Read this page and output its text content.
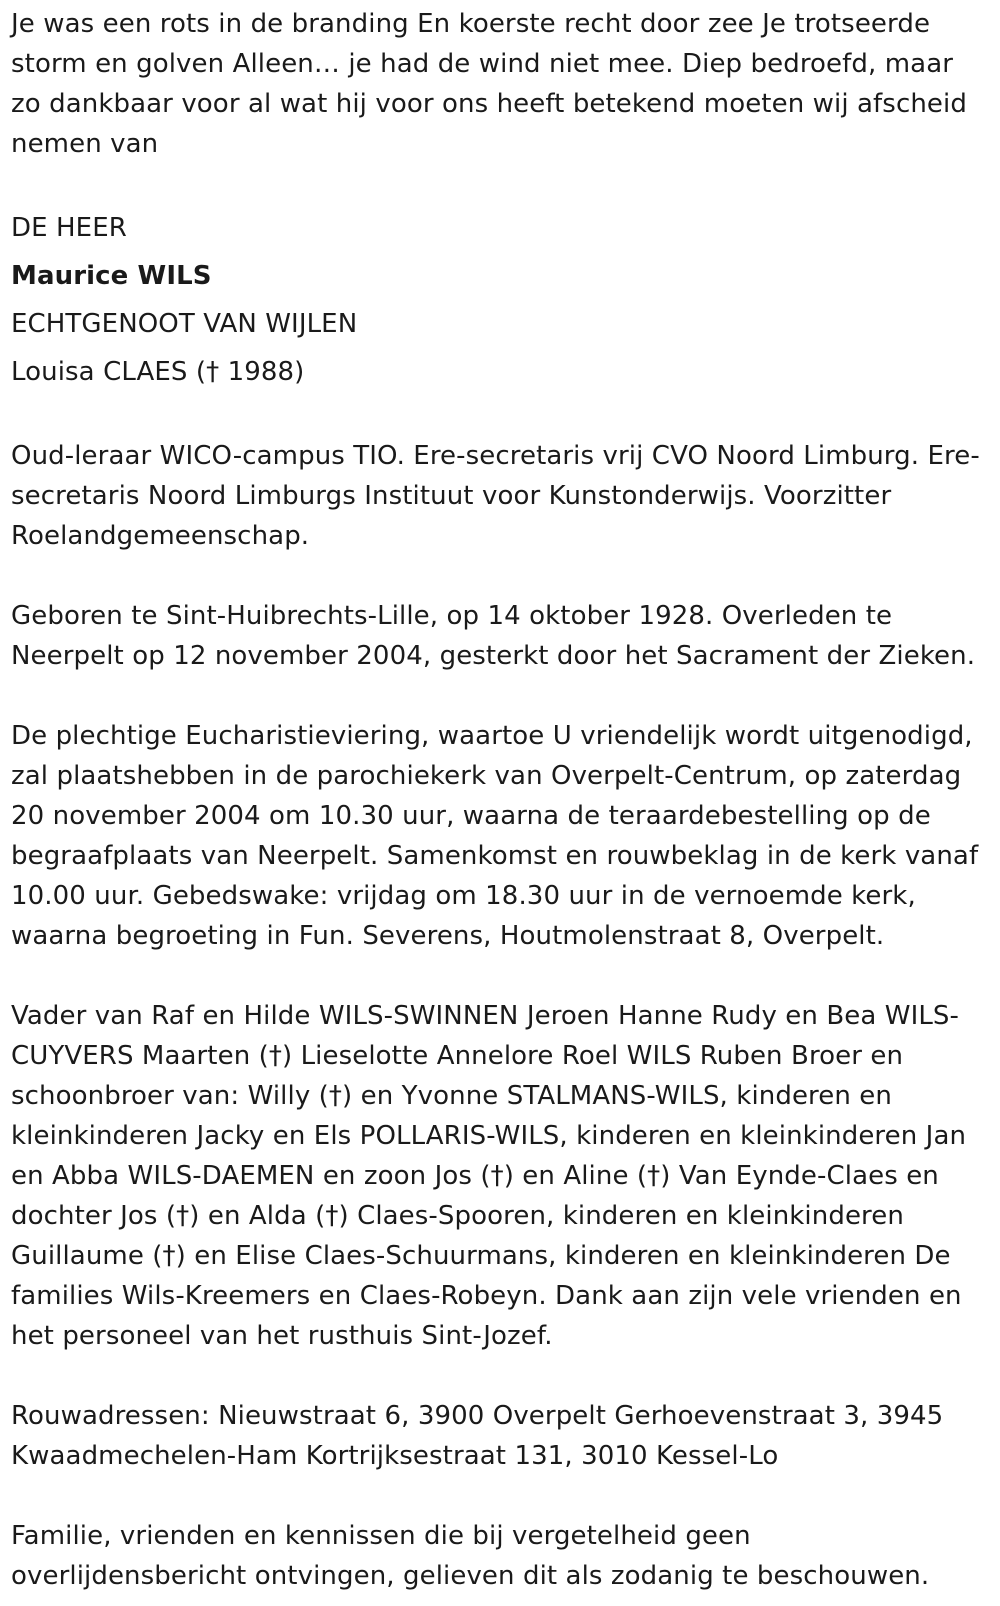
Je was een rots in de branding En koerste recht door zee Je trotseerde storm en golven Alleen… je had de wind niet mee. Diep bedroefd, maar zo dankbaar voor al wat hij voor ons heeft betekend moeten wij afscheid nemen van

DE HEER

Maurice WILS

ECHTGENOOT VAN WIJLEN

Louisa CLAES († 1988)

Oud-leraar WICO-campus TIO. Ere-secretaris vrij CVO Noord Limburg. Ere-secretaris Noord Limburgs Instituut voor Kunstonderwijs. Voorzitter Roelandgemeenschap.

Geboren te Sint-Huibrechts-Lille, op 14 oktober 1928. Overleden te Neerpelt op 12 november 2004, gesterkt door het Sacrament der Zieken.

De plechtige Eucharistieviering, waartoe U vriendelijk wordt uitgenodigd, zal plaatshebben in de parochiekerk van Overpelt-Centrum, op zaterdag 20 november 2004 om 10.30 uur, waarna de teraardebestelling op de begraafplaats van Neerpelt. Samenkomst en rouwbeklag in de kerk vanaf 10.00 uur. Gebedswake: vrijdag om 18.30 uur in de vernoemde kerk, waarna begroeting in Fun. Severens, Houtmolenstraat 8, Overpelt.

Vader van Raf en Hilde WILS-SWINNEN Jeroen Hanne Rudy en Bea WILS-CUYVERS Maarten (†) Lieselotte Annelore Roel WILS Ruben Broer en schoonbroer van: Willy (†) en Yvonne STALMANS-WILS, kinderen en kleinkinderen Jacky en Els POLLARIS-WILS, kinderen en kleinkinderen Jan en Abba WILS-DAEMEN en zoon Jos (†) en Aline (†) Van Eynde-Claes en dochter Jos (†) en Alda (†) Claes-Spooren, kinderen en kleinkinderen Guillaume (†) en Elise Claes-Schuurmans, kinderen en kleinkinderen De families Wils-Kreemers en Claes-Robeyn. Dank aan zijn vele vrienden en het personeel van het rusthuis Sint-Jozef.

Rouwadressen: Nieuwstraat 6, 3900 Overpelt Gerhoevenstraat 3, 3945 Kwaadmechelen-Ham Kortrijksestraat 131, 3010 Kessel-Lo

Familie, vrienden en kennissen die bij vergetelheid geen overlijdensbericht ontvingen, gelieven dit als zodanig te beschouwen.
